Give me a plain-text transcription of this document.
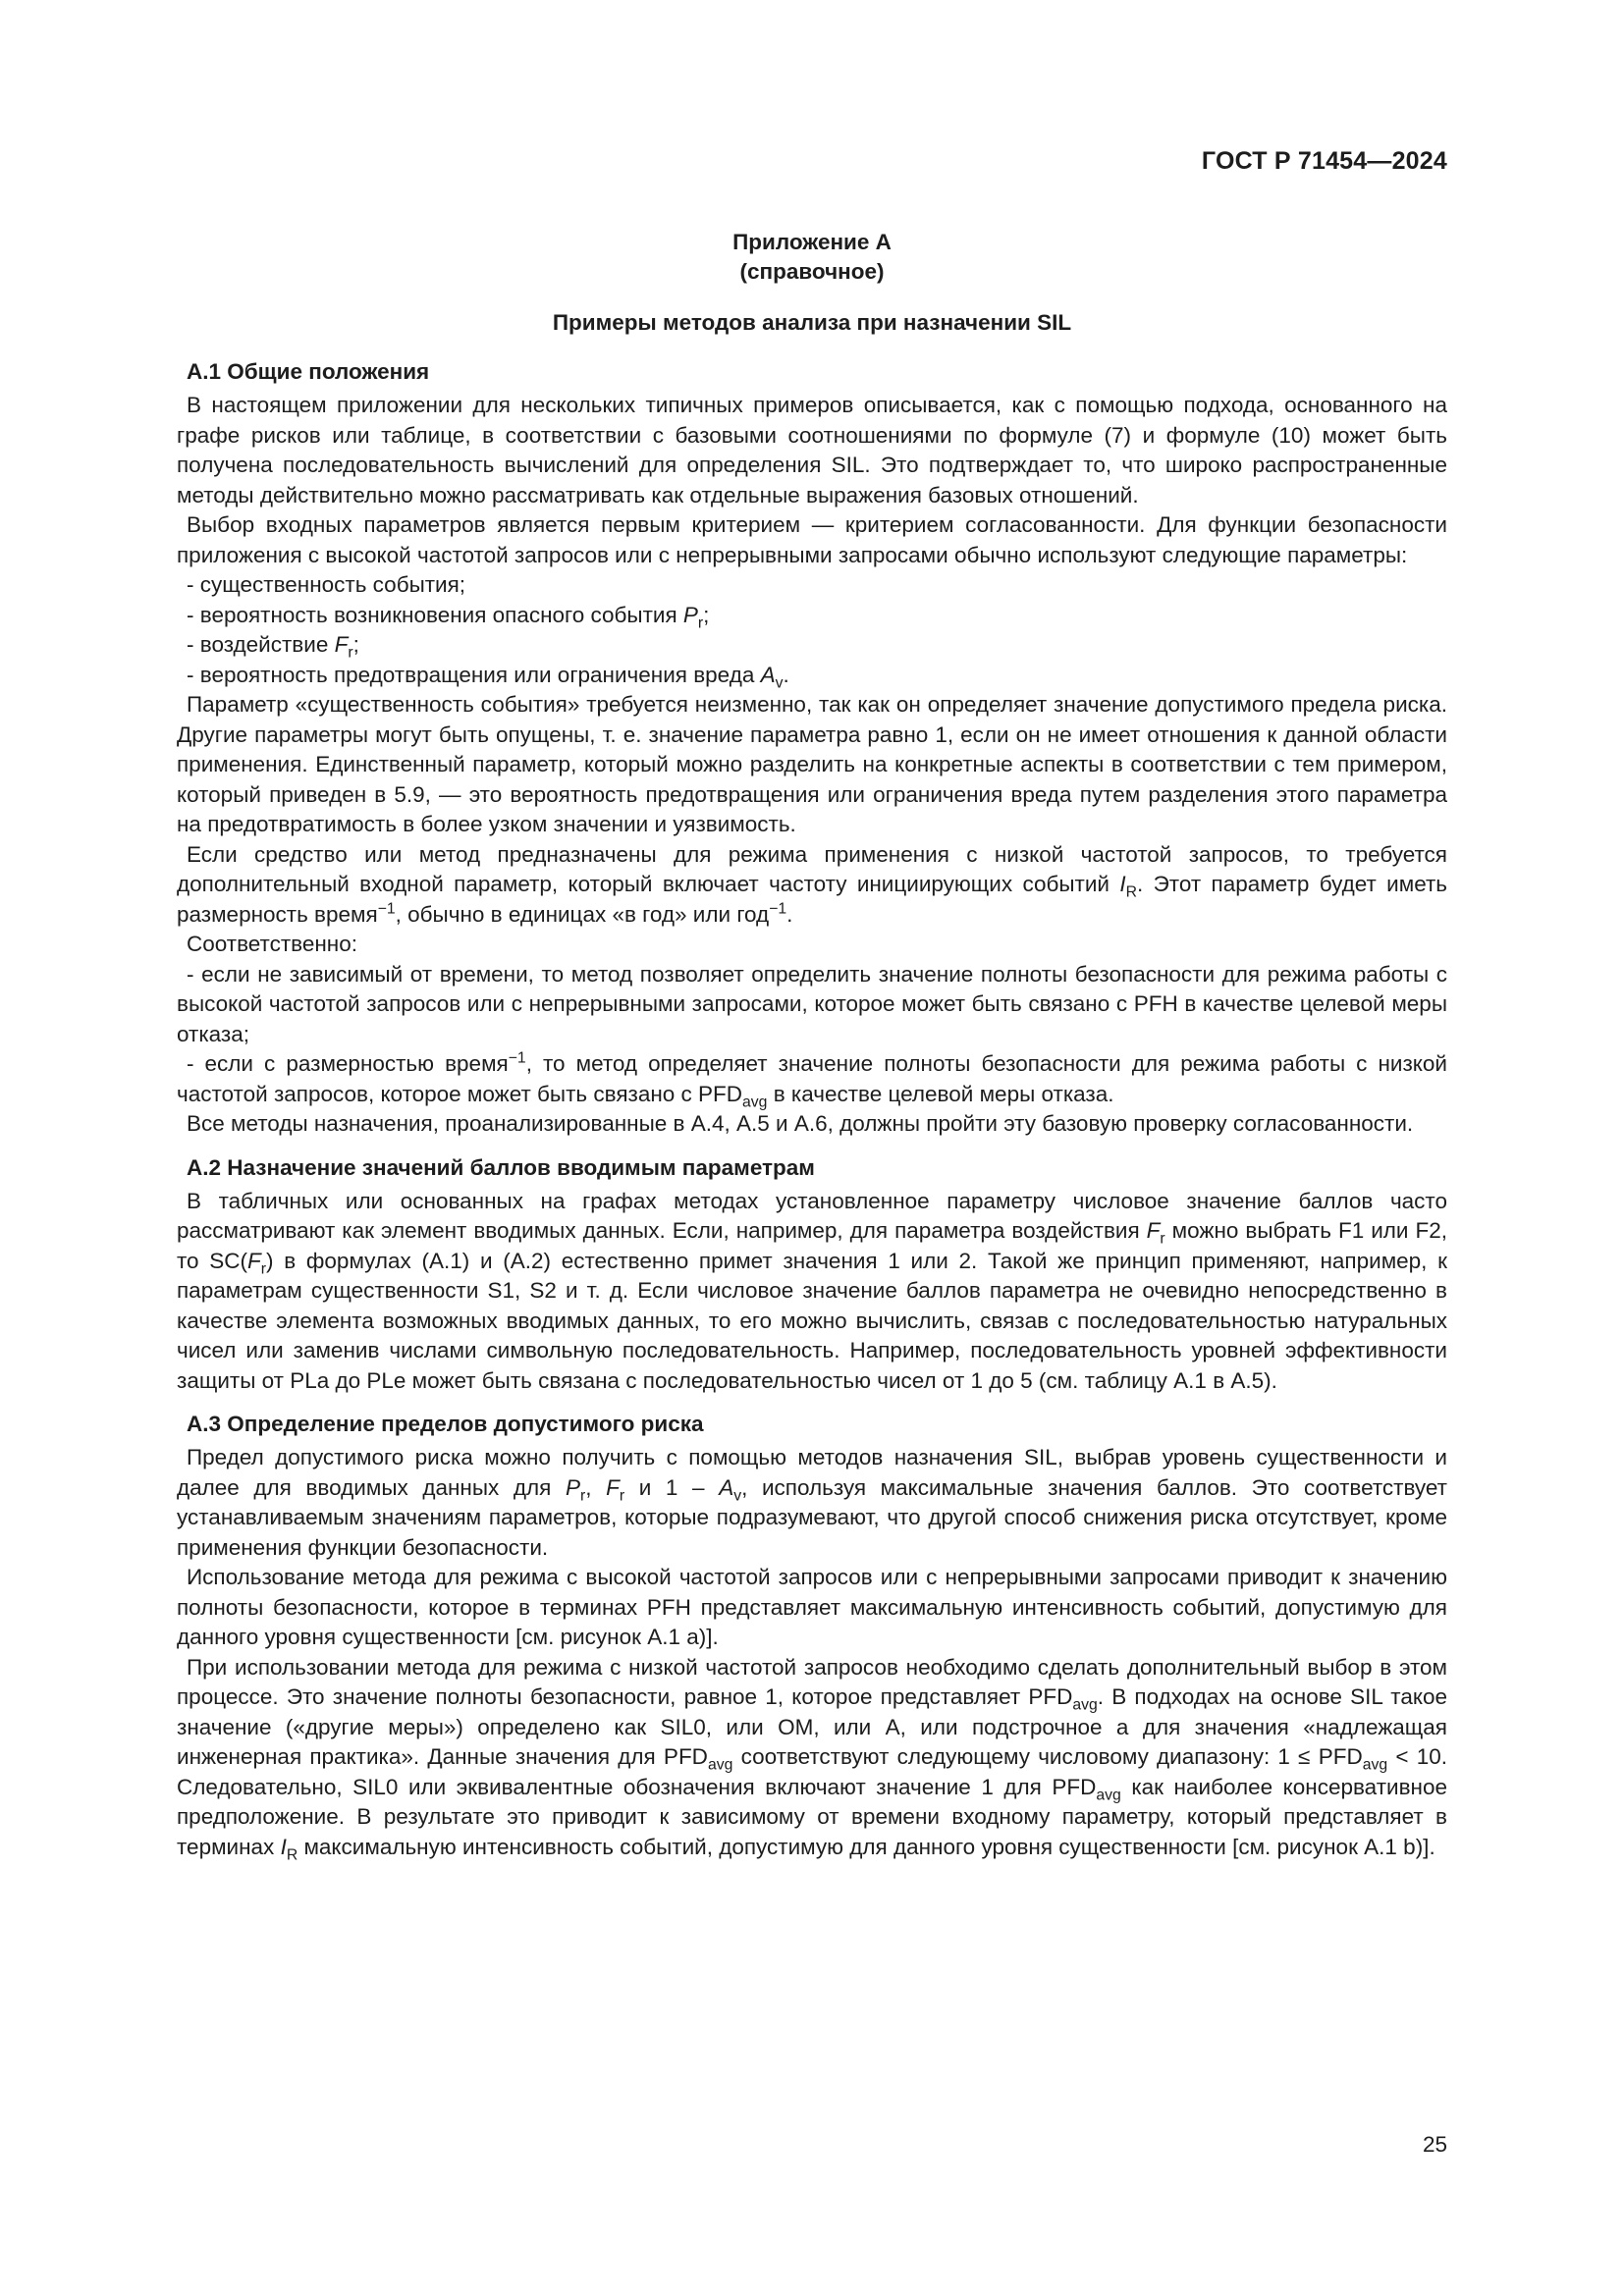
ГОСТ Р 71454—2024
Приложение А
(справочное)
Примеры методов анализа при назначении SIL
А.1 Общие положения

В настоящем приложении для нескольких типичных примеров описывается, как с помощью подхода, основанного на графе рисков или таблице, в соответствии с базовыми соотношениями по формуле (7) и формуле (10) может быть получена последовательность вычислений для определения SIL. Это подтверждает то, что широко распространенные методы действительно можно рассматривать как отдельные выражения базовых отношений.

Выбор входных параметров является первым критерием — критерием согласованности. Для функции безопасности приложения с высокой частотой запросов или с непрерывными запросами обычно используют следующие параметры:

- существенность события;

- вероятность возникновения опасного события $P_r$;

- воздействие $F_r$;

- вероятность предотвращения или ограничения вреда $A_v$.

Параметр «существенность события» требуется неизменно, так как он определяет значение допустимого предела риска. Другие параметры могут быть опущены, т. е. значение параметра равно 1, если он не имеет отношения к данной области применения. Единственный параметр, который можно разделить на конкретные аспекты в соответствии с тем примером, который приведен в 5.9, — это вероятность предотвращения или ограничения вреда путем разделения этого параметра на предотвратимость в более узком значении и уязвимость.

Если средство или метод предназначены для режима применения с низкой частотой запросов, то требуется дополнительный входной параметр, который включает частоту инициирующих событий $I_R$. Этот параметр будет иметь размерность время$^{-1}$, обычно в единицах «в год» или год$^{-1}$.

Соответственно:

- если не зависимый от времени, то метод позволяет определить значение полноты безопасности для режима работы с высокой частотой запросов или с непрерывными запросами, которое может быть связано с PFH в качестве целевой меры отказа;

- если с размерностью время$^{-1}$, то метод определяет значение полноты безопасности для режима работы с низкой частотой запросов, которое может быть связано с $PFD_{avg}$ в качестве целевой меры отказа.

Все методы назначения, проанализированные в А.4, А.5 и А.6, должны пройти эту базовую проверку согласованности.

А.2 Назначение значений баллов вводимым параметрам

В табличных или основанных на графах методах установленное параметру числовое значение баллов часто рассматривают как элемент вводимых данных. Если, например, для параметра воздействия $F_r$ можно выбрать F1 или F2, то $SC(F_r)$ в формулах (А.1) и (А.2) естественно примет значения 1 или 2. Такой же принцип применяют, например, к параметрам существенности S1, S2 и т. д. Если числовое значение баллов параметра не очевидно непосредственно в качестве элемента возможных вводимых данных, то его можно вычислить, связав с последовательностью натуральных чисел или заменив числами символьную последовательность. Например, последовательность уровней эффективности защиты от PLa до PLe может быть связана с последовательностью чисел от 1 до 5 (см. таблицу А.1 в А.5).

А.3 Определение пределов допустимого риска

Предел допустимого риска можно получить с помощью методов назначения SIL, выбрав уровень существенности и далее для вводимых данных для $P_r$, $F_r$ и $1 - A_v$, используя максимальные значения баллов. Это соответствует устанавливаемым значениям параметров, которые подразумевают, что другой способ снижения риска отсутствует, кроме применения функции безопасности.

Использование метода для режима с высокой частотой запросов или с непрерывными запросами приводит к значению полноты безопасности, которое в терминах PFH представляет максимальную интенсивность событий, допустимую для данного уровня существенности [см. рисунок А.1 а)].

При использовании метода для режима с низкой частотой запросов необходимо сделать дополнительный выбор в этом процессе. Это значение полноты безопасности, равное 1, которое представляет $PFD_{avg}$. В подходах на основе SIL такое значение («другие меры») определено как SIL0, или OM, или A, или подстрочное a для значения «надлежащая инженерная практика». Данные значения для $PFD_{avg}$ соответствуют следующему числовому диапазону: $1 \le PFD_{avg} < 10$. Следовательно, SIL0 или эквивалентные обозначения включают значение 1 для $PFD_{avg}$ как наиболее консервативное предположение. В результате это приводит к зависимому от времени входному параметру, который представляет в терминах $I_R$ максимальную интенсивность событий, допустимую для данного уровня существенности [см. рисунок А.1 b)].

25
